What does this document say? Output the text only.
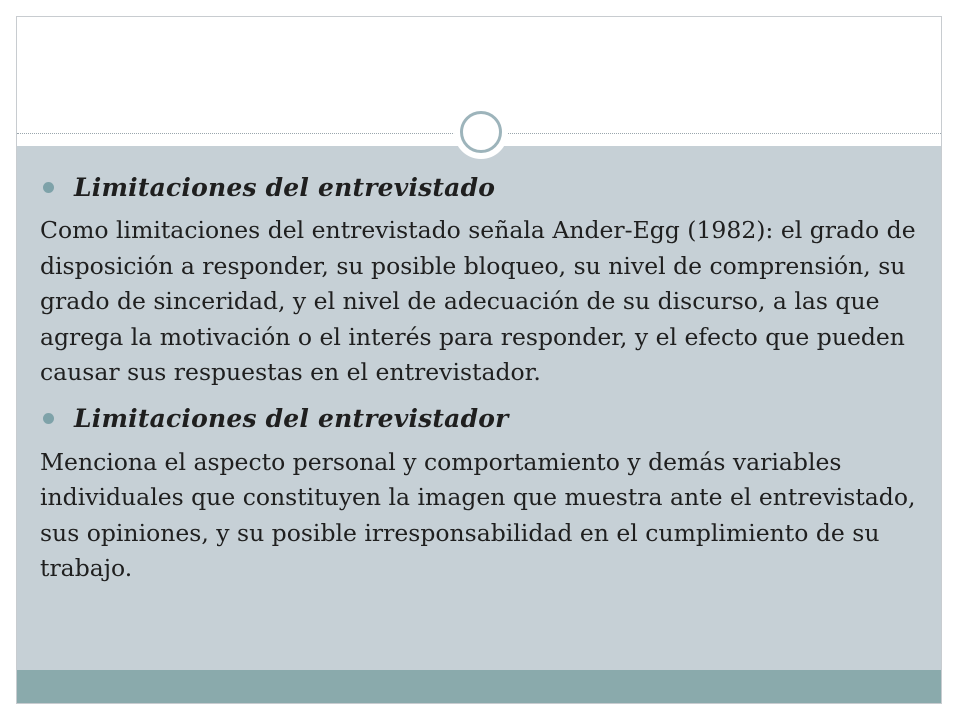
Limitaciones del entrevistado

Como limitaciones del entrevistado señala Ander-Egg (1982): el grado de disposición a responder, su posible bloqueo, su nivel de comprensión, su grado de sinceridad, y el nivel de adecuación de su discurso, a las que agrega la motivación o el interés para responder, y el efecto que pueden causar sus respuestas en el entrevistador.

Limitaciones del entrevistador

Menciona el aspecto personal y comportamiento y demás variables individuales que constituyen la imagen que muestra ante el entrevistado, sus opiniones, y su posible irresponsabilidad en el cumplimiento de su trabajo.
